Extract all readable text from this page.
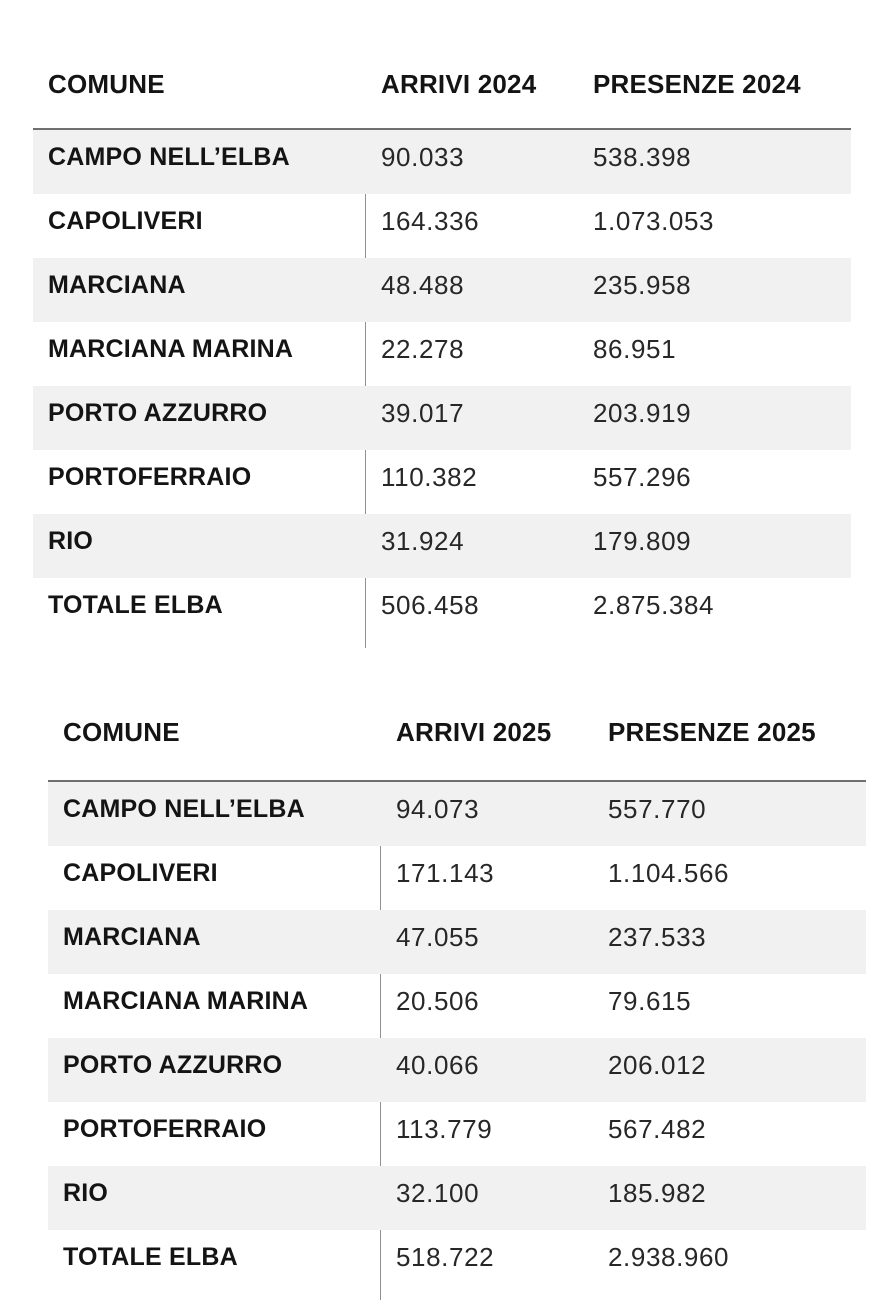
COMUNE	ARRIVI 2024	PRESENZE 2024
CAMPO NELL’ELBA	90.033	538.398
CAPOLIVERI	164.336	1.073.053
MARCIANA	48.488	235.958
MARCIANA MARINA	22.278	86.951
PORTO AZZURRO	39.017	203.919
PORTOFERRAIO	110.382	557.296
RIO	31.924	179.809
TOTALE ELBA	506.458	2.875.384
COMUNE	ARRIVI 2025	PRESENZE 2025
CAMPO NELL’ELBA	94.073	557.770
CAPOLIVERI	171.143	1.104.566
MARCIANA	47.055	237.533
MARCIANA MARINA	20.506	79.615
PORTO AZZURRO	40.066	206.012
PORTOFERRAIO	113.779	567.482
RIO	32.100	185.982
TOTALE ELBA	518.722	2.938.960
